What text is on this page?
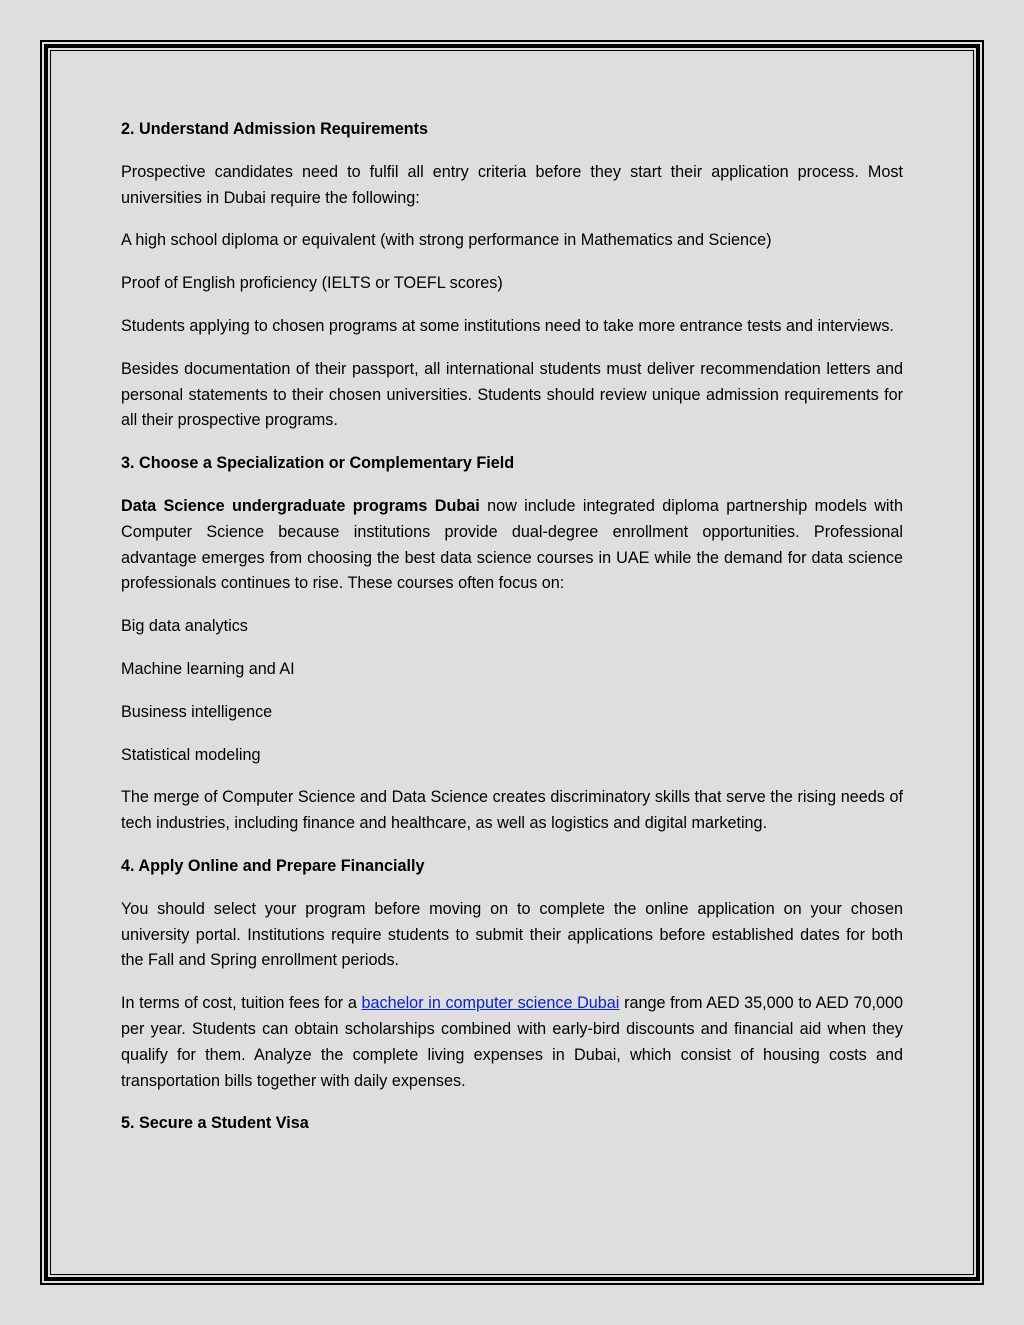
2. Understand Admission Requirements

Prospective candidates need to fulfil all entry criteria before they start their application process. Most universities in Dubai require the following:

A high school diploma or equivalent (with strong performance in Mathematics and Science)

Proof of English proficiency (IELTS or TOEFL scores)

Students applying to chosen programs at some institutions need to take more entrance tests and interviews.

Besides documentation of their passport, all international students must deliver recommendation letters and personal statements to their chosen universities. Students should review unique admission requirements for all their prospective programs.

3. Choose a Specialization or Complementary Field

Data Science undergraduate programs Dubai now include integrated diploma partnership models with Computer Science because institutions provide dual-degree enrollment opportunities. Professional advantage emerges from choosing the best data science courses in UAE while the demand for data science professionals continues to rise. These courses often focus on:

Big data analytics

Machine learning and AI

Business intelligence

Statistical modeling

The merge of Computer Science and Data Science creates discriminatory skills that serve the rising needs of tech industries, including finance and healthcare, as well as logistics and digital marketing.

4. Apply Online and Prepare Financially

You should select your program before moving on to complete the online application on your chosen university portal. Institutions require students to submit their applications before established dates for both the Fall and Spring enrollment periods.

In terms of cost, tuition fees for a bachelor in computer science Dubai range from AED 35,000 to AED 70,000 per year. Students can obtain scholarships combined with early-bird discounts and financial aid when they qualify for them. Analyze the complete living expenses in Dubai, which consist of housing costs and transportation bills together with daily expenses.

5. Secure a Student Visa
